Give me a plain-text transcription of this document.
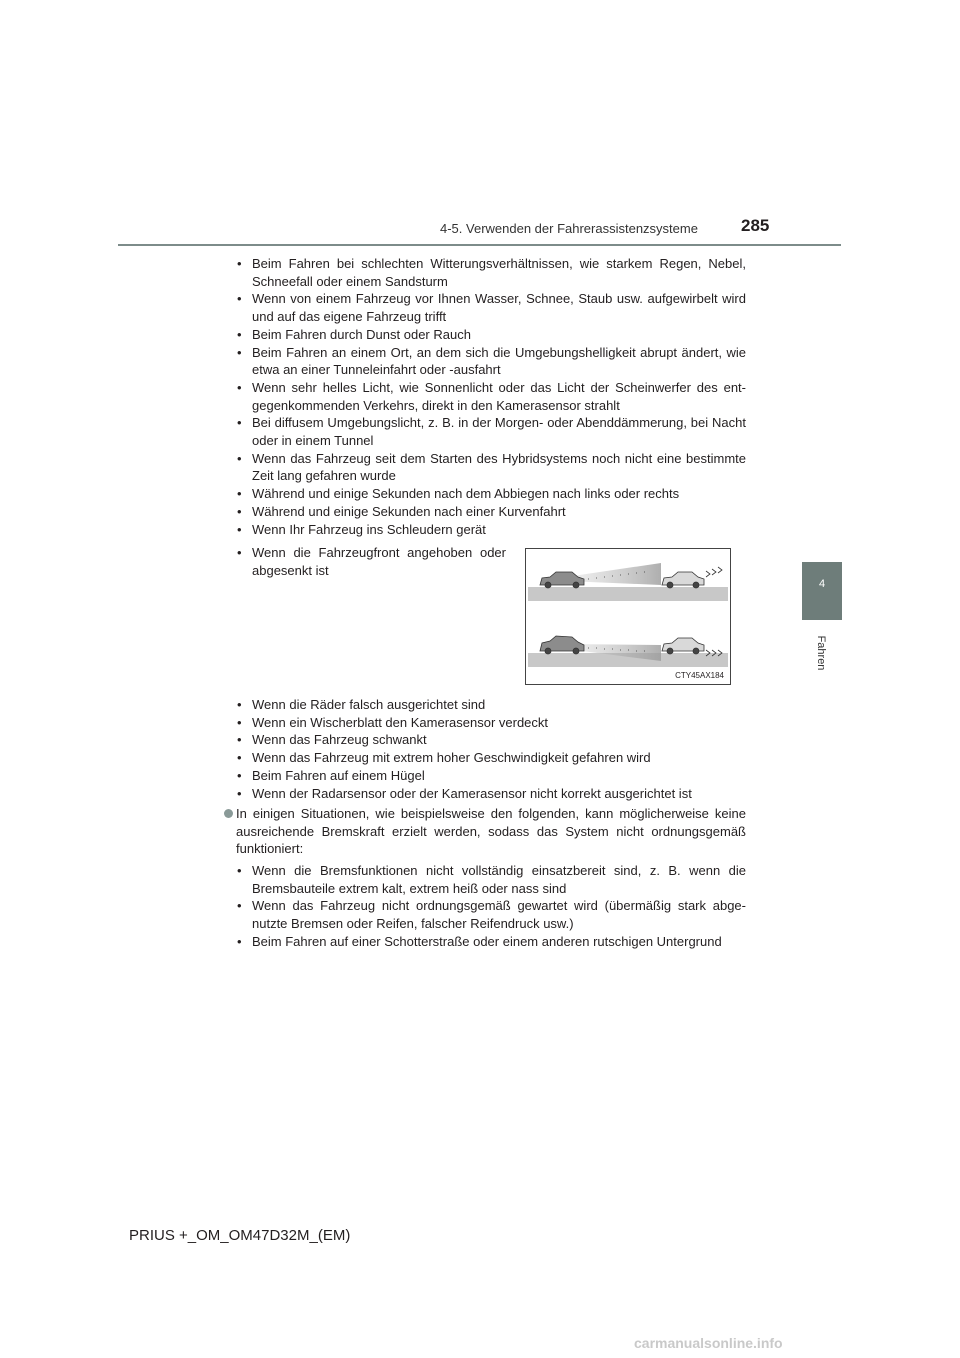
4-5. Verwenden der Fahrerassistenzsysteme	285
4
Fahren
• Beim Fahren bei schlechten Witterungsverhältnissen, wie starkem Regen, Nebel, Schneefall oder einem Sandsturm
• Wenn von einem Fahrzeug vor Ihnen Wasser, Schnee, Staub usw. aufgewirbelt wird und auf das eigene Fahrzeug trifft
• Beim Fahren durch Dunst oder Rauch
• Beim Fahren an einem Ort, an dem sich die Umgebungshelligkeit abrupt ändert, wie etwa an einer Tunneleinfahrt oder -ausfahrt
• Wenn sehr helles Licht, wie Sonnenlicht oder das Licht der Scheinwerfer des ent-gegenkommenden Verkehrs, direkt in den Kamerasensor strahlt
• Bei diffusem Umgebungslicht, z. B. in der Morgen- oder Abenddämmerung, bei Nacht oder in einem Tunnel
• Wenn das Fahrzeug seit dem Starten des Hybridsystems noch nicht eine bestimmte Zeit lang gefahren wurde
• Während und einige Sekunden nach dem Abbiegen nach links oder rechts
• Während und einige Sekunden nach einer Kurvenfahrt
• Wenn Ihr Fahrzeug ins Schleudern gerät
• Wenn die Fahrzeugfront angehoben oder abgesenkt ist
CTY45AX184
• Wenn die Räder falsch ausgerichtet sind
• Wenn ein Wischerblatt den Kamerasensor verdeckt
• Wenn das Fahrzeug schwankt
• Wenn das Fahrzeug mit extrem hoher Geschwindigkeit gefahren wird
• Beim Fahren auf einem Hügel
• Wenn der Radarsensor oder der Kamerasensor nicht korrekt ausgerichtet ist
In einigen Situationen, wie beispielsweise den folgenden, kann möglicherweise keine ausreichende Bremskraft erzielt werden, sodass das System nicht ordnungsgemäß funktioniert:
• Wenn die Bremsfunktionen nicht vollständig einsatzbereit sind, z. B. wenn die Bremsbauteile extrem kalt, extrem heiß oder nass sind
• Wenn das Fahrzeug nicht ordnungsgemäß gewartet wird (übermäßig stark abge-nutzte Bremsen oder Reifen, falscher Reifendruck usw.)
• Beim Fahren auf einer Schotterstraße oder einem anderen rutschigen Untergrund
PRIUS +_OM_OM47D32M_(EM)
carmanualsonline.info
